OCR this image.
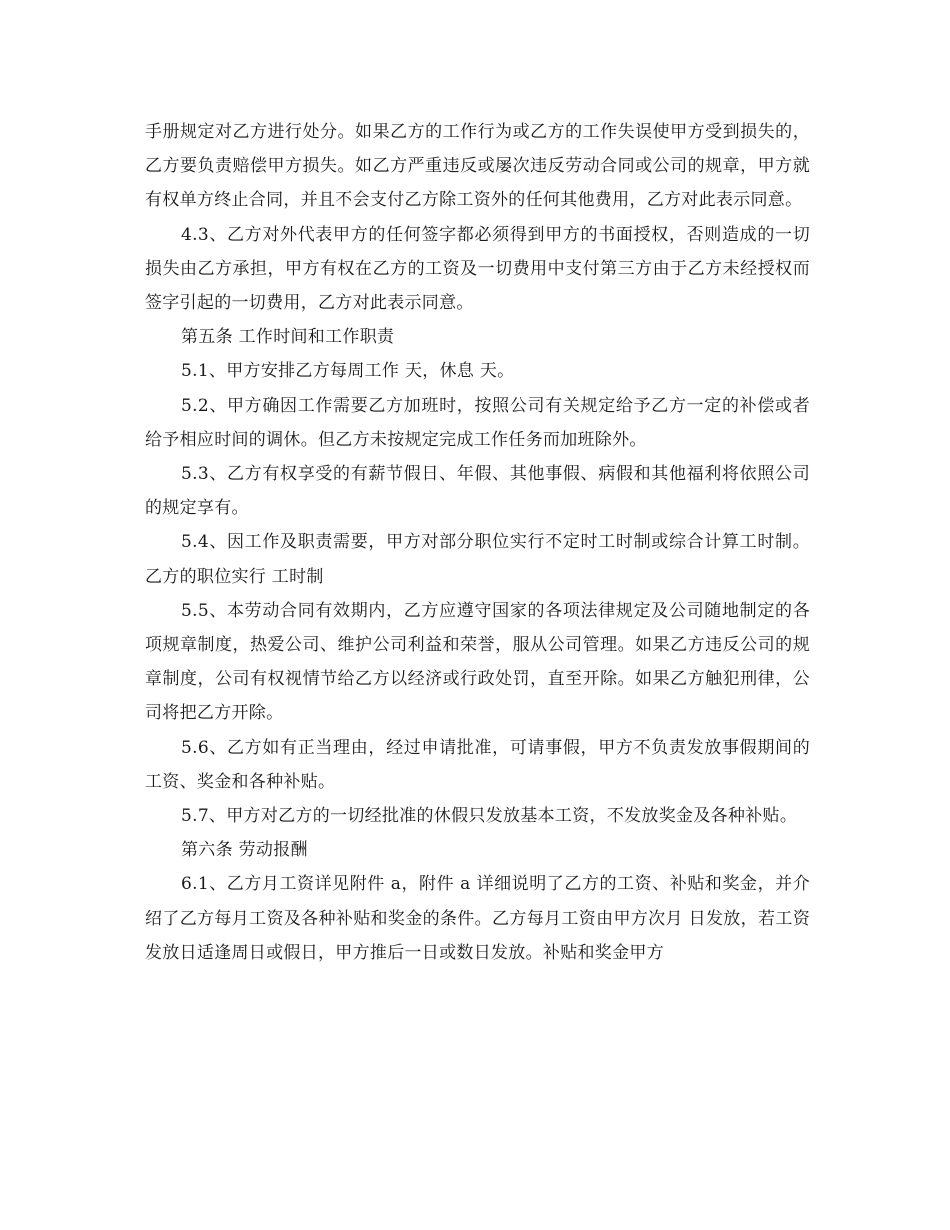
手册规定对乙方进行处分。如果乙方的工作行为或乙方的工作失误使甲方受到损失的，乙方要负责赔偿甲方损失。如乙方严重违反或屡次违反劳动合同或公司的规章，甲方就有权单方终止合同，并且不会支付乙方除工资外的任何其他费用，乙方对此表示同意。

4.3、乙方对外代表甲方的任何签字都必须得到甲方的书面授权，否则造成的一切损失由乙方承担，甲方有权在乙方的工资及一切费用中支付第三方由于乙方未经授权而签字引起的一切费用，乙方对此表示同意。

第五条 工作时间和工作职责

5.1、甲方安排乙方每周工作 天，休息 天。

5.2、甲方确因工作需要乙方加班时，按照公司有关规定给予乙方一定的补偿或者给予相应时间的调休。但乙方未按规定完成工作任务而加班除外。

5.3、乙方有权享受的有薪节假日、年假、其他事假、病假和其他福利将依照公司的规定享有。

5.4、因工作及职责需要，甲方对部分职位实行不定时工时制或综合计算工时制。乙方的职位实行 工时制

5.5、本劳动合同有效期内，乙方应遵守国家的各项法律规定及公司随地制定的各项规章制度，热爱公司、维护公司利益和荣誉，服从公司管理。如果乙方违反公司的规章制度，公司有权视情节给乙方以经济或行政处罚，直至开除。如果乙方触犯刑律，公司将把乙方开除。

5.6、乙方如有正当理由，经过申请批准，可请事假，甲方不负责发放事假期间的工资、奖金和各种补贴。

5.7、甲方对乙方的一切经批准的休假只发放基本工资，不发放奖金及各种补贴。

第六条 劳动报酬

6.1、乙方月工资详见附件 a，附件 a 详细说明了乙方的工资、补贴和奖金，并介绍了乙方每月工资及各种补贴和奖金的条件。乙方每月工资由甲方次月 日发放，若工资发放日适逢周日或假日，甲方推后一日或数日发放。补贴和奖金甲方
